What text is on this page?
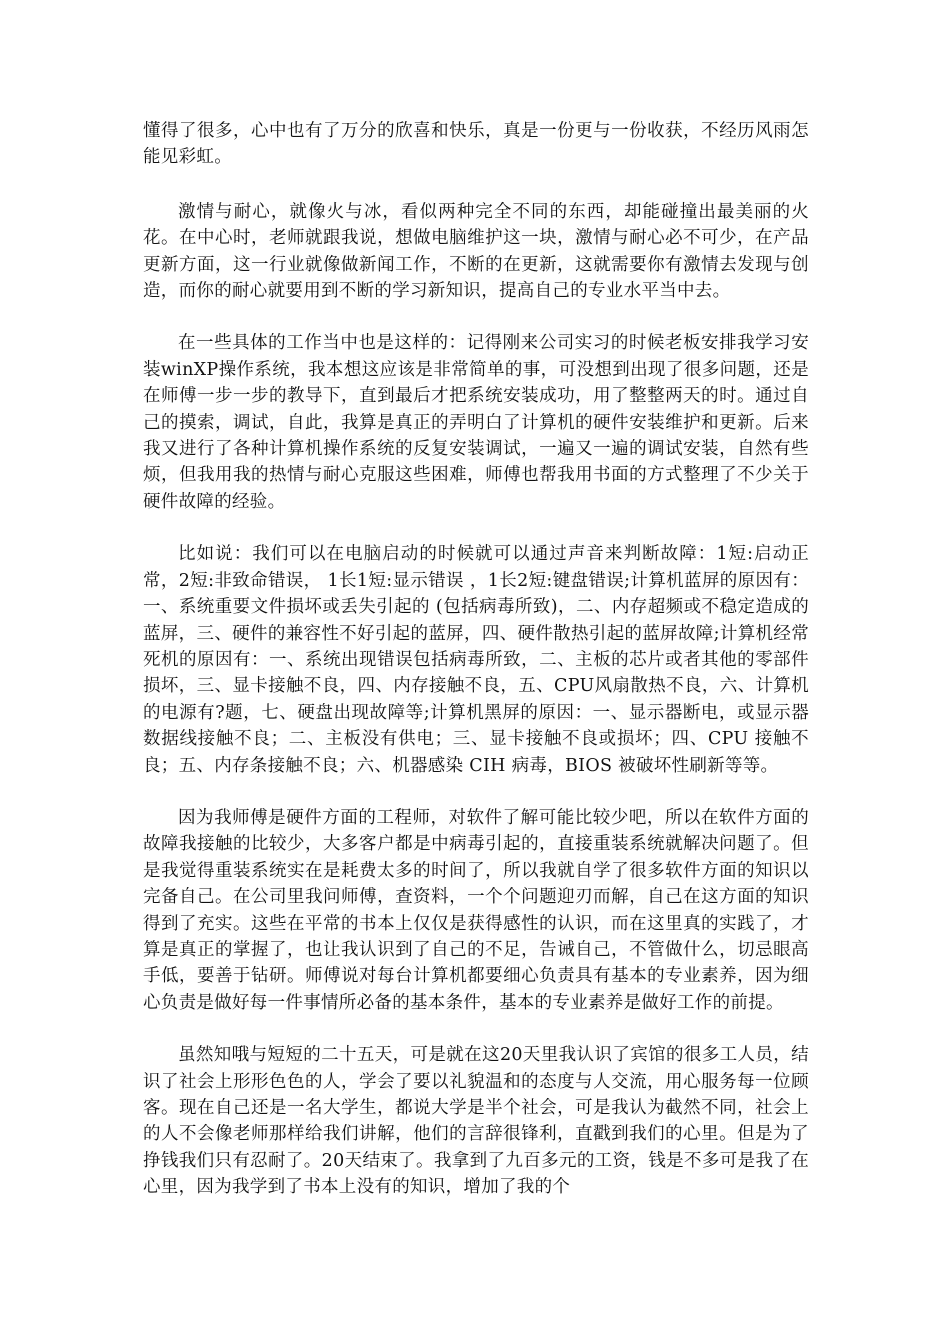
懂得了很多，心中也有了万分的欣喜和快乐，真是一份更与一份收获，不经历风雨怎能见彩虹。

激情与耐心，就像火与冰，看似两种完全不同的东西，却能碰撞出最美丽的火花。在中心时，老师就跟我说，想做电脑维护这一块，激情与耐心必不可少，在产品更新方面，这一行业就像做新闻工作，不断的在更新，这就需要你有激情去发现与创造，而你的耐心就要用到不断的学习新知识，提高自己的专业水平当中去。

在一些具体的工作当中也是这样的：记得刚来公司实习的时候老板安排我学习安装winXP操作系统，我本想这应该是非常简单的事，可没想到出现了很多问题，还是在师傅一步一步的教导下，直到最后才把系统安装成功，用了整整两天的时。通过自己的摸索，调试，自此，我算是真正的弄明白了计算机的硬件安装维护和更新。后来我又进行了各种计算机操作系统的反复安装调试，一遍又一遍的调试安装，自然有些烦，但我用我的热情与耐心克服这些困难，师傅也帮我用书面的方式整理了不少关于硬件故障的经验。

比如说：我们可以在电脑启动的时候就可以通过声音来判断故障：1短:启动正常，2短:非致命错误， 1长1短:显示错误 ，1长2短:键盘错误;计算机蓝屏的原因有：一、系统重要文件损坏或丢失引起的 (包括病毒所致)，二、内存超频或不稳定造成的蓝屏，三、硬件的兼容性不好引起的蓝屏，四、硬件散热引起的蓝屏故障;计算机经常死机的原因有：一、系统出现错误包括病毒所致，二、主板的芯片或者其他的零部件损坏，三、显卡接触不良，四、内存接触不良，五、CPU风扇散热不良，六、计算机的电源有?题，七、硬盘出现故障等;计算机黑屏的原因：一、显示器断电，或显示器数据线接触不良；二、主板没有供电；三、显卡接触不良或损坏；四、CPU 接触不良；五、内存条接触不良；六、机器感染 CIH 病毒，BIOS 被破坏性刷新等等。

因为我师傅是硬件方面的工程师，对软件了解可能比较少吧，所以在软件方面的故障我接触的比较少，大多客户都是中病毒引起的，直接重装系统就解决问题了。但是我觉得重装系统实在是耗费太多的时间了，所以我就自学了很多软件方面的知识以完备自己。在公司里我问师傅，查资料，一个个问题迎刃而解，自己在这方面的知识得到了充实。这些在平常的书本上仅仅是获得感性的认识，而在这里真的实践了，才算是真正的掌握了，也让我认识到了自己的不足，告诫自己，不管做什么，切忌眼高手低，要善于钻研。师傅说对每台计算机都要细心负责具有基本的专业素养，因为细心负责是做好每一件事情所必备的基本条件，基本的专业素养是做好工作的前提。

虽然知哦与短短的二十五天，可是就在这20天里我认识了宾馆的很多工人员，结识了社会上形形色色的人，学会了要以礼貌温和的态度与人交流，用心服务每一位顾客。现在自己还是一名大学生，都说大学是半个社会，可是我认为截然不同，社会上的人不会像老师那样给我们讲解，他们的言辞很锋利，直戳到我们的心里。但是为了挣钱我们只有忍耐了。20天结束了。我拿到了九百多元的工资，钱是不多可是我了在心里，因为我学到了书本上没有的知识，增加了我的个
